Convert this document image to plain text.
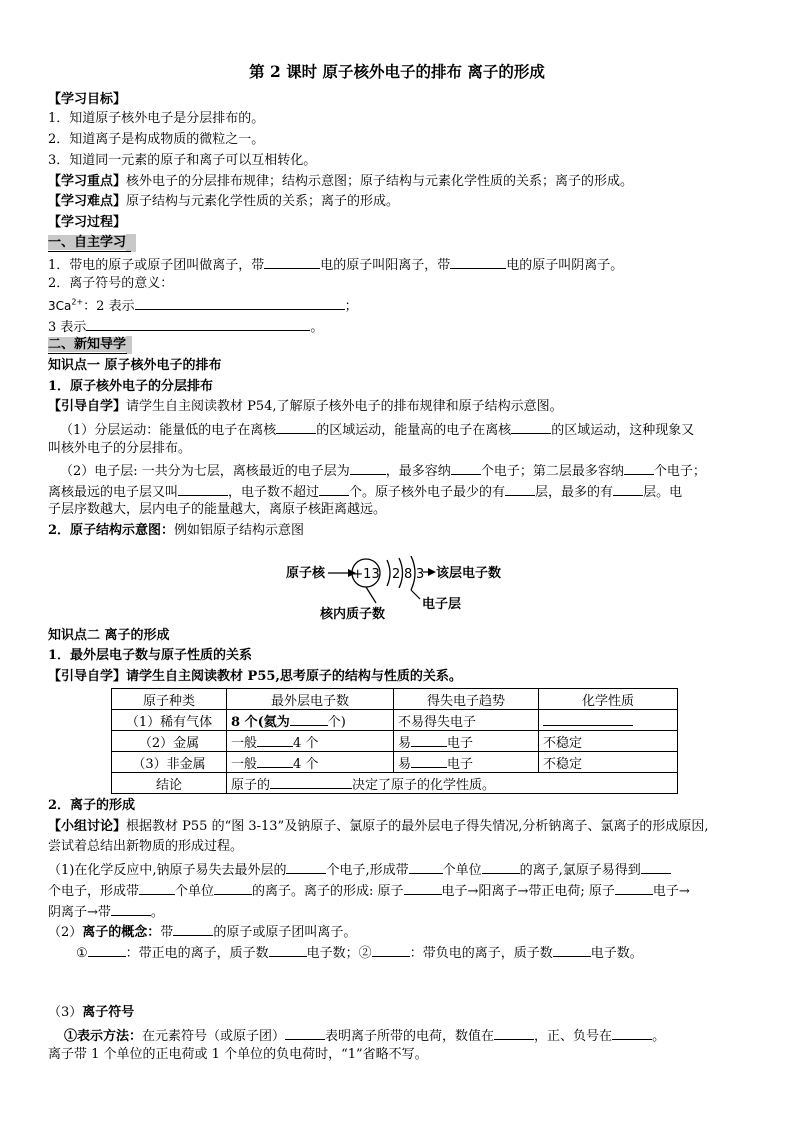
第 2 课时 原子核外电子的排布 离子的形成
【学习目标】
1．知道原子核外电子是分层排布的。
2．知道离子是构成物质的微粒之一。
3．知道同一元素的原子和离子可以互相转化。
【学习重点】核外电子的分层排布规律；结构示意图；原子结构与元素化学性质的关系；离子的形成。
【学习难点】原子结构与元素化学性质的关系；离子的形成。
【学习过程】
一、自主学习
1．带电的原子或原子团叫做离子，带	电的原子叫阳离子，带	电的原子叫阴离子。
2．离子符号的意义：
$3Ca^{2+}$：2 表示	；
3 表示	。
二、新知导学
知识点一 原子核外电子的排布
1．原子核外电子的分层排布
【引导自学】请学生自主阅读教材 P54,了解原子核外电子的排布规律和原子结构示意图。
（1）分层运动：能量低的电子在离核	的区域运动，能量高的电子在离核	的区域运动，这种现象又
叫核外电子的分层排布。
（2）电子层: 一共分为七层，离核最近的电子层为	，最多容纳 个电子；第二层最多容纳 个电子；
离核最远的电子层又叫	，电子数不超过 个。原子核外电子最少的有 层，最多的有 层。电
子层序数越大，层内电子的能量越大，离原子核距离越远。
2．原子结构示意图：例如铝原子结构示意图
原子核 +13 2 8 3 该层电子数
电子层
核内质子数
知识点二 离子的形成
1．最外层电子数与原子性质的关系
【引导自学】请学生自主阅读教材 P55,思考原子的结构与性质的关系。
原子种类	最外层电子数	得失电子趋势	化学性质
（1）稀有气体	8 个(氦为 个)	不易得失电子	
（2）金属	一般 4 个	易 电子	不稳定
（3）非金属	一般 4 个	易 电子	不稳定
结论	原子的 决定了原子的化学性质。		
2．离子的形成
【小组讨论】根据教材 P55 的“图 3-13”及钠原子、氯原子的最外层电子得失情况,分析钠离子、氯离子的形成原因,
尝试着总结出新物质的形成过程。
（1)在化学反应中,钠原子易失去最外层的	个电子,形成带	个单位	的离子,氯原子易得到
个电子，形成带	个单位	的离子。离子的形成: 原子	电子→阳离子→带正电荷; 原子	电子→
阴离子→带	。
（2）离子的概念：带	的原子或原子团叫离子。
①	：带正电的离子，质子数	电子数；②	：带负电的离子，质子数	电子数。
（3）离子符号
①表示方法：在元素符号（或原子团）	表明离子所带的电荷，数值在	，正、负号在	。
离子带 1 个单位的正电荷或 1 个单位的负电荷时，“1”省略不写。
